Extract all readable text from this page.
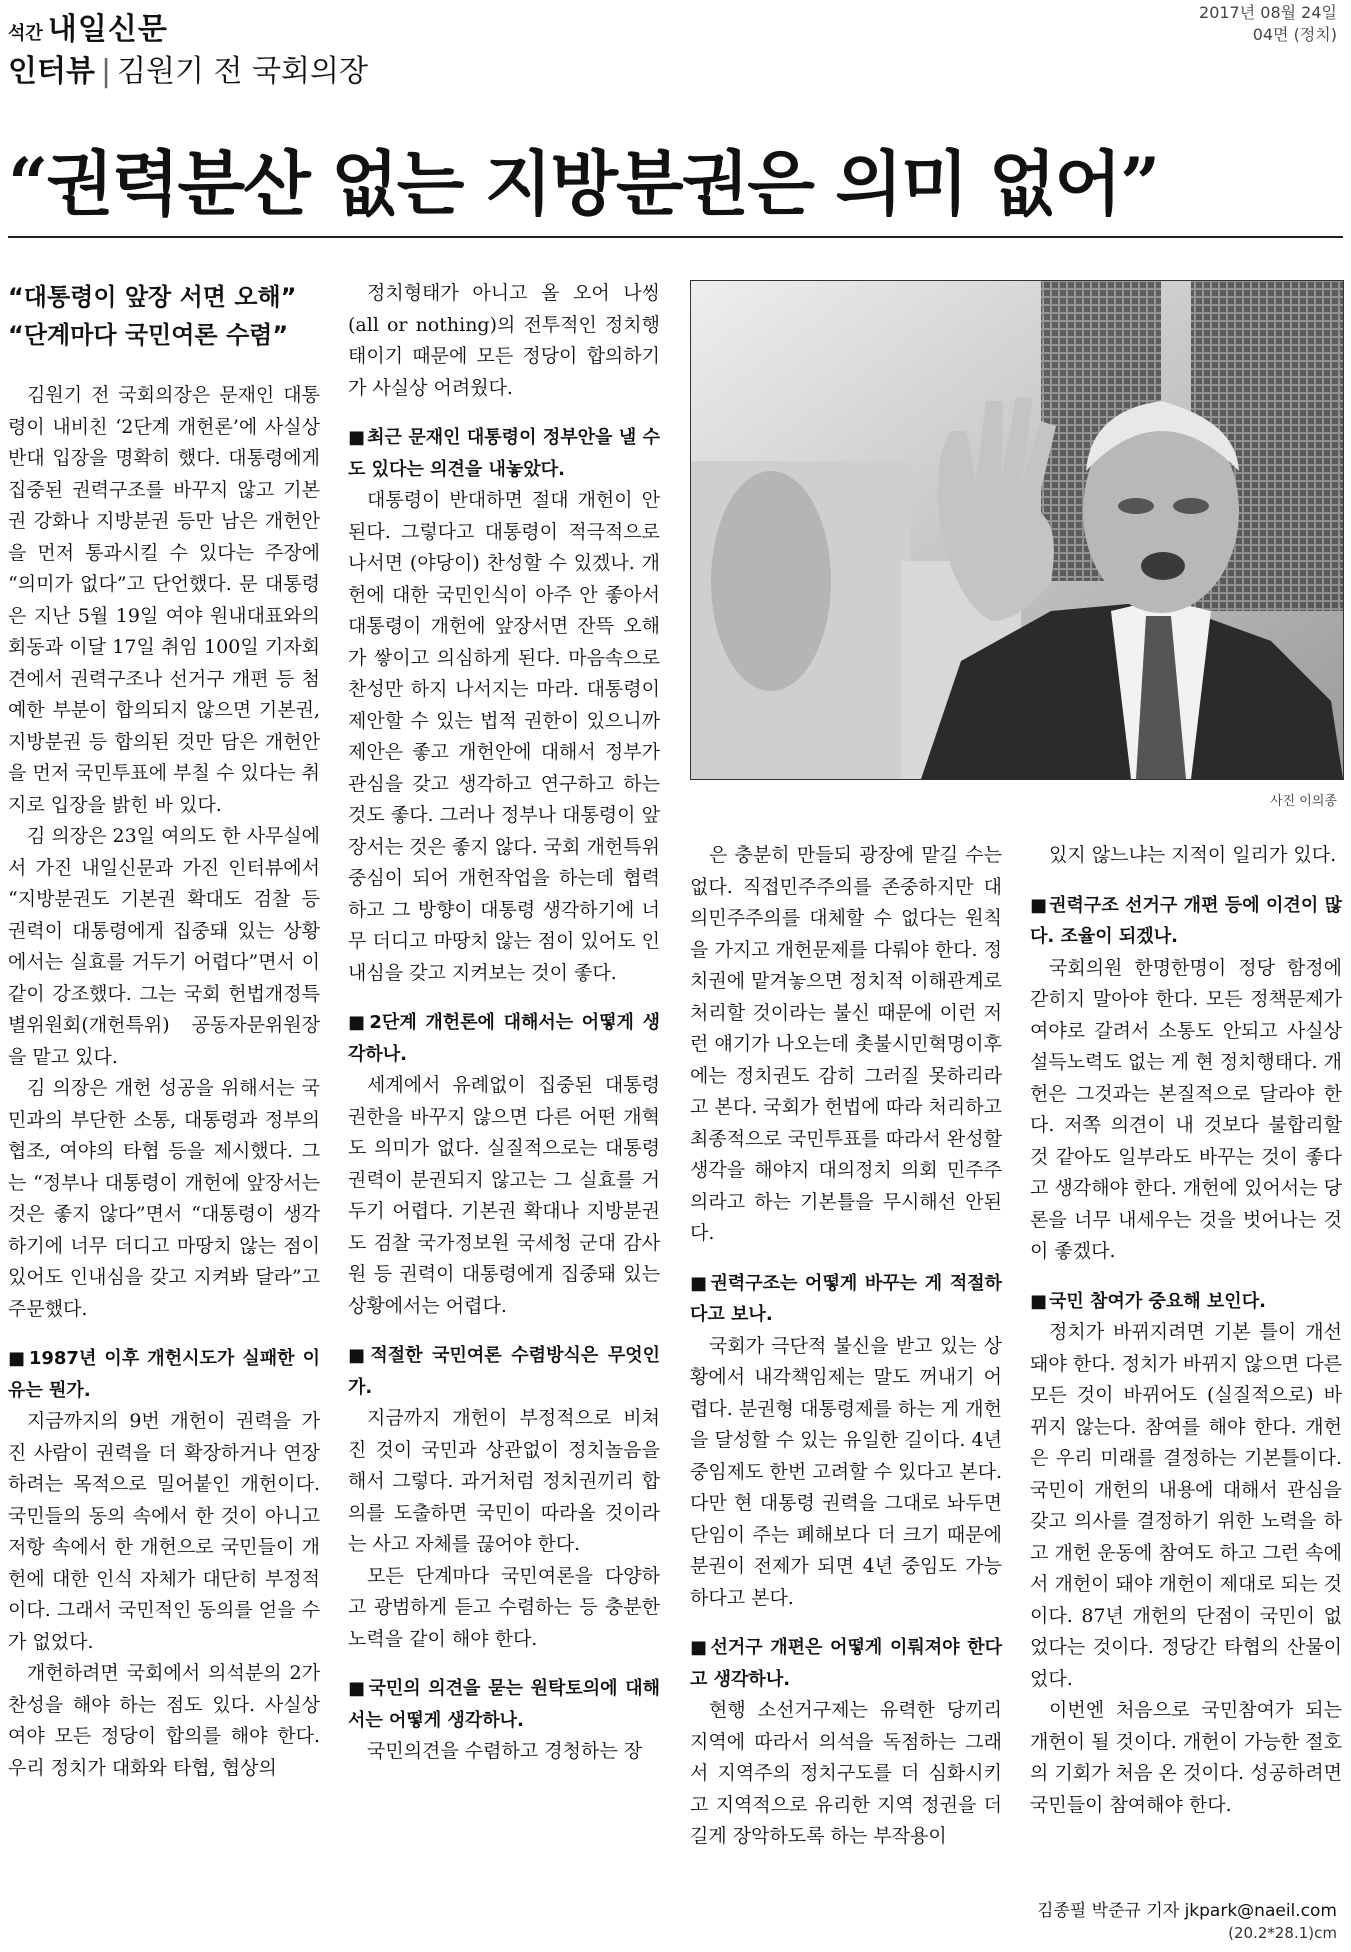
석간 내일신문	2017년 08월 24일
04면 (정치)
인터뷰 | 김원기 전 국회의장
“권력분산 없는 지방분권은 의미 없어”
“대통령이 앞장 서면 오해”
“단계마다 국민여론 수렴”

김원기 전 국회의장은 문재인 대통령이 내비친 ‘2단계 개헌론’에 사실상 반대 입장을 명확히 했다. 대통령에게 집중된 권력구조를 바꾸지 않고 기본권 강화나 지방분권 등만 남은 개헌안을 먼저 통과시킬 수 있다는 주장에 “의미가 없다”고 단언했다. 문 대통령은 지난 5월 19일 여야 원내대표와의 회동과 이달 17일 취임 100일 기자회견에서 권력구조나 선거구 개편 등 첨예한 부분이 합의되지 않으면 기본권, 지방분권 등 합의된 것만 담은 개헌안을 먼저 국민투표에 부칠 수 있다는 취지로 입장을 밝힌 바 있다.

김 의장은 23일 여의도 한 사무실에서 가진 내일신문과 가진 인터뷰에서 “지방분권도 기본권 확대도 검찰 등 권력이 대통령에게 집중돼 있는 상황에서는 실효를 거두기 어렵다”면서 이같이 강조했다. 그는 국회 헌법개정특별위원회(개헌특위) 공동자문위원장을 맡고 있다.

김 의장은 개헌 성공을 위해서는 국민과의 부단한 소통, 대통령과 정부의 협조, 여야의 타협 등을 제시했다. 그는 “정부나 대통령이 개헌에 앞장서는 것은 좋지 않다”면서 “대통령이 생각하기에 너무 더디고 마땅치 않는 점이 있어도 인내심을 갖고 지켜봐 달라”고 주문했다.

■ 1987년 이후 개헌시도가 실패한 이유는 뭔가.

지금까지의 9번 개헌이 권력을 가진 사람이 권력을 더 확장하거나 연장하려는 목적으로 밀어붙인 개헌이다. 국민들의 동의 속에서 한 것이 아니고 저항 속에서 한 개헌으로 국민들이 개헌에 대한 인식 자체가 대단히 부정적이다. 그래서 국민적인 동의를 얻을 수가 없었다.

개헌하려면 국회에서 의석분의 2가 찬성을 해야 하는 점도 있다. 사실상 여야 모든 정당이 합의를 해야 한다. 우리 정치가 대화와 타협, 협상의

정치형태가 아니고 올 오어 나씽(all or nothing)의 전투적인 정치행태이기 때문에 모든 정당이 합의하기가 사실상 어려웠다.

■ 최근 문재인 대통령이 정부안을 낼 수도 있다는 의견을 내놓았다.

대통령이 반대하면 절대 개헌이 안된다. 그렇다고 대통령이 적극적으로 나서면 (야당이) 찬성할 수 있겠나. 개헌에 대한 국민인식이 아주 안 좋아서 대통령이 개헌에 앞장서면 잔뜩 오해가 쌓이고 의심하게 된다. 마음속으로 찬성만 하지 나서지는 마라. 대통령이 제안할 수 있는 법적 권한이 있으니까 제안은 좋고 개헌안에 대해서 정부가 관심을 갖고 생각하고 연구하고 하는 것도 좋다. 그러나 정부나 대통령이 앞장서는 것은 좋지 않다. 국회 개헌특위 중심이 되어 개헌작업을 하는데 협력하고 그 방향이 대통령 생각하기에 너무 더디고 마땅치 않는 점이 있어도 인내심을 갖고 지켜보는 것이 좋다.

■ 2단계 개헌론에 대해서는 어떻게 생각하나.

세계에서 유례없이 집중된 대통령 권한을 바꾸지 않으면 다른 어떤 개혁도 의미가 없다. 실질적으로는 대통령 권력이 분권되지 않고는 그 실효를 거두기 어렵다. 기본권 확대나 지방분권도 검찰 국가정보원 국세청 군대 감사원 등 권력이 대통령에게 집중돼 있는 상황에서는 어렵다.

■ 적절한 국민여론 수렴방식은 무엇인가.

지금까지 개헌이 부정적으로 비쳐진 것이 국민과 상관없이 정치놀음을 해서 그렇다. 과거처럼 정치권끼리 합의를 도출하면 국민이 따라올 것이라는 사고 자체를 끊어야 한다.

모든 단계마다 국민여론을 다양하고 광범하게 듣고 수렴하는 등 충분한 노력을 같이 해야 한다.

■ 국민의 의견을 묻는 원탁토의에 대해서는 어떻게 생각하나.

국민의견을 수렴하고 경청하는 장

사진 이의종

은 충분히 만들되 광장에 맡길 수는 없다. 직접민주주의를 존중하지만 대의민주주의를 대체할 수 없다는 원칙을 가지고 개헌문제를 다뤄야 한다. 정치권에 맡겨놓으면 정치적 이해관계로 처리할 것이라는 불신 때문에 이런 저런 얘기가 나오는데 촛불시민혁명이후에는 정치권도 감히 그러질 못하리라고 본다. 국회가 헌법에 따라 처리하고 최종적으로 국민투표를 따라서 완성할 생각을 해야지 대의정치 의회 민주주의라고 하는 기본틀을 무시해선 안된다.

■ 권력구조는 어떻게 바꾸는 게 적절하다고 보나.

국회가 극단적 불신을 받고 있는 상황에서 내각책임제는 말도 꺼내기 어렵다. 분권형 대통령제를 하는 게 개헌을 달성할 수 있는 유일한 길이다. 4년 중임제도 한번 고려할 수 있다고 본다. 다만 현 대통령 권력을 그대로 놔두면 단임이 주는 폐해보다 더 크기 때문에 분권이 전제가 되면 4년 중임도 가능하다고 본다.

■ 선거구 개편은 어떻게 이뤄져야 한다고 생각하나.

현행 소선거구제는 유력한 당끼리 지역에 따라서 의석을 독점하는 그래서 지역주의 정치구도를 더 심화시키고 지역적으로 유리한 지역 정권을 더 길게 장악하도록 하는 부작용이

있지 않느냐는 지적이 일리가 있다.

■ 권력구조 선거구 개편 등에 이견이 많다. 조율이 되겠나.

국회의원 한명한명이 정당 함정에 갇히지 말아야 한다. 모든 정책문제가 여야로 갈려서 소통도 안되고 사실상 설득노력도 없는 게 현 정치행태다. 개헌은 그것과는 본질적으로 달라야 한다. 저쪽 의견이 내 것보다 불합리할 것 같아도 일부라도 바꾸는 것이 좋다고 생각해야 한다. 개헌에 있어서는 당론을 너무 내세우는 것을 벗어나는 것이 좋겠다.

■ 국민 참여가 중요해 보인다.

정치가 바뀌지려면 기본 틀이 개선돼야 한다. 정치가 바뀌지 않으면 다른 모든 것이 바뀌어도 (실질적으로) 바뀌지 않는다. 참여를 해야 한다. 개헌은 우리 미래를 결정하는 기본틀이다. 국민이 개헌의 내용에 대해서 관심을 갖고 의사를 결정하기 위한 노력을 하고 개헌 운동에 참여도 하고 그런 속에서 개헌이 돼야 개헌이 제대로 되는 것이다. 87년 개헌의 단점이 국민이 없었다는 것이다. 정당간 타협의 산물이었다.

이번엔 처음으로 국민참여가 되는 개헌이 될 것이다. 개헌이 가능한 절호의 기회가 처음 온 것이다. 성공하려면 국민들이 참여해야 한다.

김종필 박준규 기자 jkpark@naeil.com
(20.2*28.1)cm
